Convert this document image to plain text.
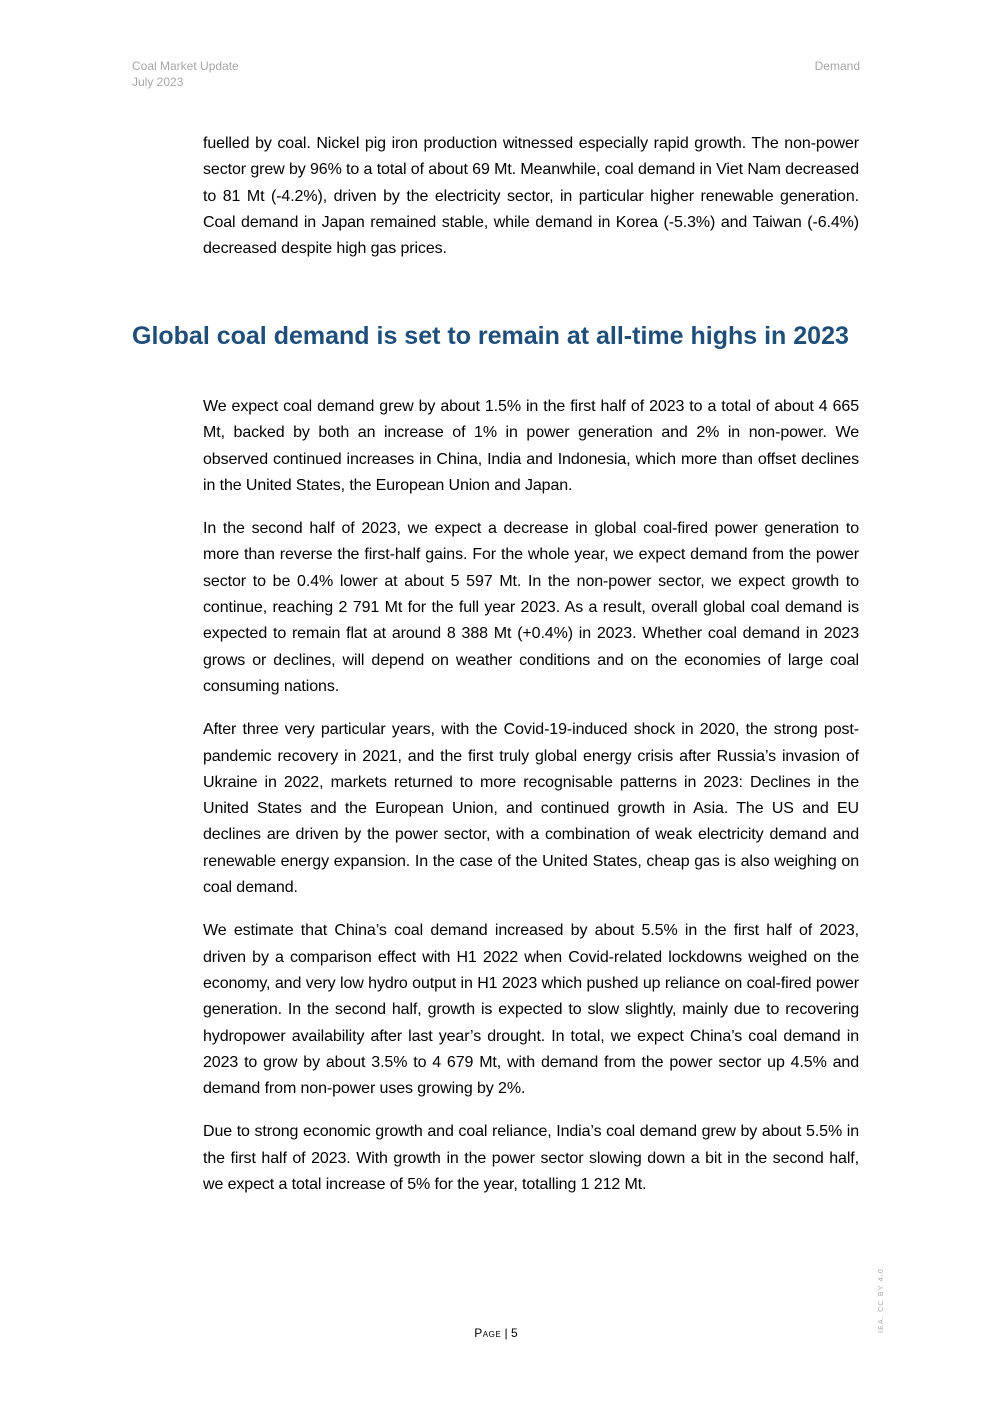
Coal Market Update
July 2023
Demand

fuelled by coal. Nickel pig iron production witnessed especially rapid growth. The non-power sector grew by 96% to a total of about 69 Mt. Meanwhile, coal demand in Viet Nam decreased to 81 Mt (-4.2%), driven by the electricity sector, in particular higher renewable generation. Coal demand in Japan remained stable, while demand in Korea (-5.3%) and Taiwan (-6.4%) decreased despite high gas prices.

Global coal demand is set to remain at all-time highs in 2023

We expect coal demand grew by about 1.5% in the first half of 2023 to a total of about 4 665 Mt, backed by both an increase of 1% in power generation and 2% in non-power. We observed continued increases in China, India and Indonesia, which more than offset declines in the United States, the European Union and Japan.

In the second half of 2023, we expect a decrease in global coal-fired power generation to more than reverse the first-half gains. For the whole year, we expect demand from the power sector to be 0.4% lower at about 5 597 Mt. In the non-power sector, we expect growth to continue, reaching 2 791 Mt for the full year 2023. As a result, overall global coal demand is expected to remain flat at around 8 388 Mt (+0.4%) in 2023. Whether coal demand in 2023 grows or declines, will depend on weather conditions and on the economies of large coal consuming nations.

After three very particular years, with the Covid-19-induced shock in 2020, the strong post-pandemic recovery in 2021, and the first truly global energy crisis after Russia’s invasion of Ukraine in 2022, markets returned to more recognisable patterns in 2023: Declines in the United States and the European Union, and continued growth in Asia. The US and EU declines are driven by the power sector, with a combination of weak electricity demand and renewable energy expansion. In the case of the United States, cheap gas is also weighing on coal demand.

We estimate that China’s coal demand increased by about 5.5% in the first half of 2023, driven by a comparison effect with H1 2022 when Covid-related lockdowns weighed on the economy, and very low hydro output in H1 2023 which pushed up reliance on coal-fired power generation. In the second half, growth is expected to slow slightly, mainly due to recovering hydropower availability after last year’s drought. In total, we expect China’s coal demand in 2023 to grow by about 3.5% to 4 679 Mt, with demand from the power sector up 4.5% and demand from non-power uses growing by 2%.

Due to strong economic growth and coal reliance, India’s coal demand grew by about 5.5% in the first half of 2023. With growth in the power sector slowing down a bit in the second half, we expect a total increase of 5% for the year, totalling 1 212 Mt.

Page | 5	IEA. CC BY 4.0.
